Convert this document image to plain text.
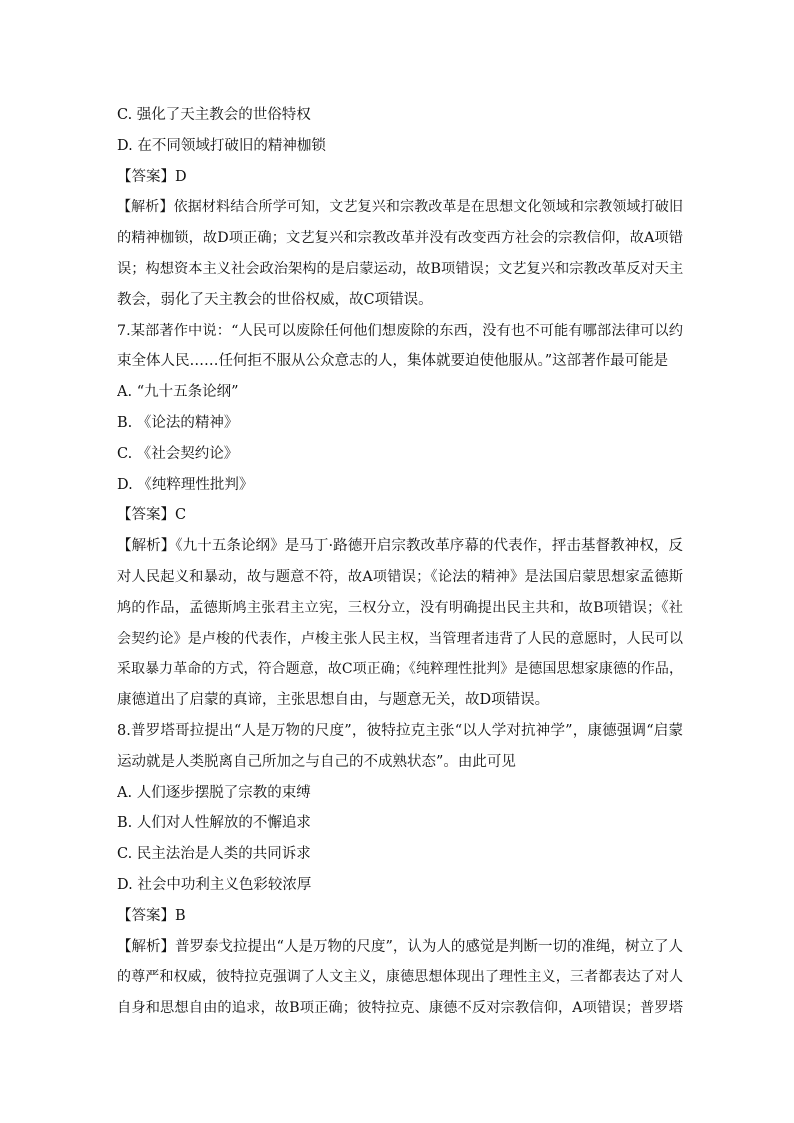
C. 强化了天主教会的世俗特权
D. 在不同领域打破旧的精神枷锁
【答案】D
【解析】依据材料结合所学可知，文艺复兴和宗教改革是在思想文化领域和宗教领域打破旧
的精神枷锁，故D项正确；文艺复兴和宗教改革并没有改变西方社会的宗教信仰，故A项错
误；构想资本主义社会政治架构的是启蒙运动，故B项错误；文艺复兴和宗教改革反对天主
教会，弱化了天主教会的世俗权威，故C项错误。
7.某部著作中说：“人民可以废除任何他们想废除的东西，没有也不可能有哪部法律可以约
束全体人民……任何拒不服从公众意志的人，集体就要迫使他服从。”这部著作最可能是
A. “九十五条论纲”
B. 《论法的精神》
C. 《社会契约论》
D. 《纯粹理性批判》
【答案】C
【解析】《九十五条论纲》是马丁·路德开启宗教改革序幕的代表作，抨击基督教神权，反
对人民起义和暴动，故与题意不符，故A项错误；《论法的精神》是法国启蒙思想家孟德斯
鸠的作品，孟德斯鸠主张君主立宪，三权分立，没有明确提出民主共和，故B项错误；《社
会契约论》是卢梭的代表作，卢梭主张人民主权，当管理者违背了人民的意愿时，人民可以
采取暴力革命的方式，符合题意，故C项正确；《纯粹理性批判》是德国思想家康德的作品，
康德道出了启蒙的真谛，主张思想自由，与题意无关，故D项错误。
8.普罗塔哥拉提出“人是万物的尺度”，彼特拉克主张“以人学对抗神学”，康德强调“启蒙
运动就是人类脱离自己所加之与自己的不成熟状态”。由此可见
A. 人们逐步摆脱了宗教的束缚
B. 人们对人性解放的不懈追求
C. 民主法治是人类的共同诉求
D. 社会中功利主义色彩较浓厚
【答案】B
【解析】普罗泰戈拉提出“人是万物的尺度”，认为人的感觉是判断一切的准绳，树立了人
的尊严和权威，彼特拉克强调了人文主义，康德思想体现出了理性主义，三者都表达了对人
自身和思想自由的追求，故B项正确；彼特拉克、康德不反对宗教信仰，A项错误；普罗塔
